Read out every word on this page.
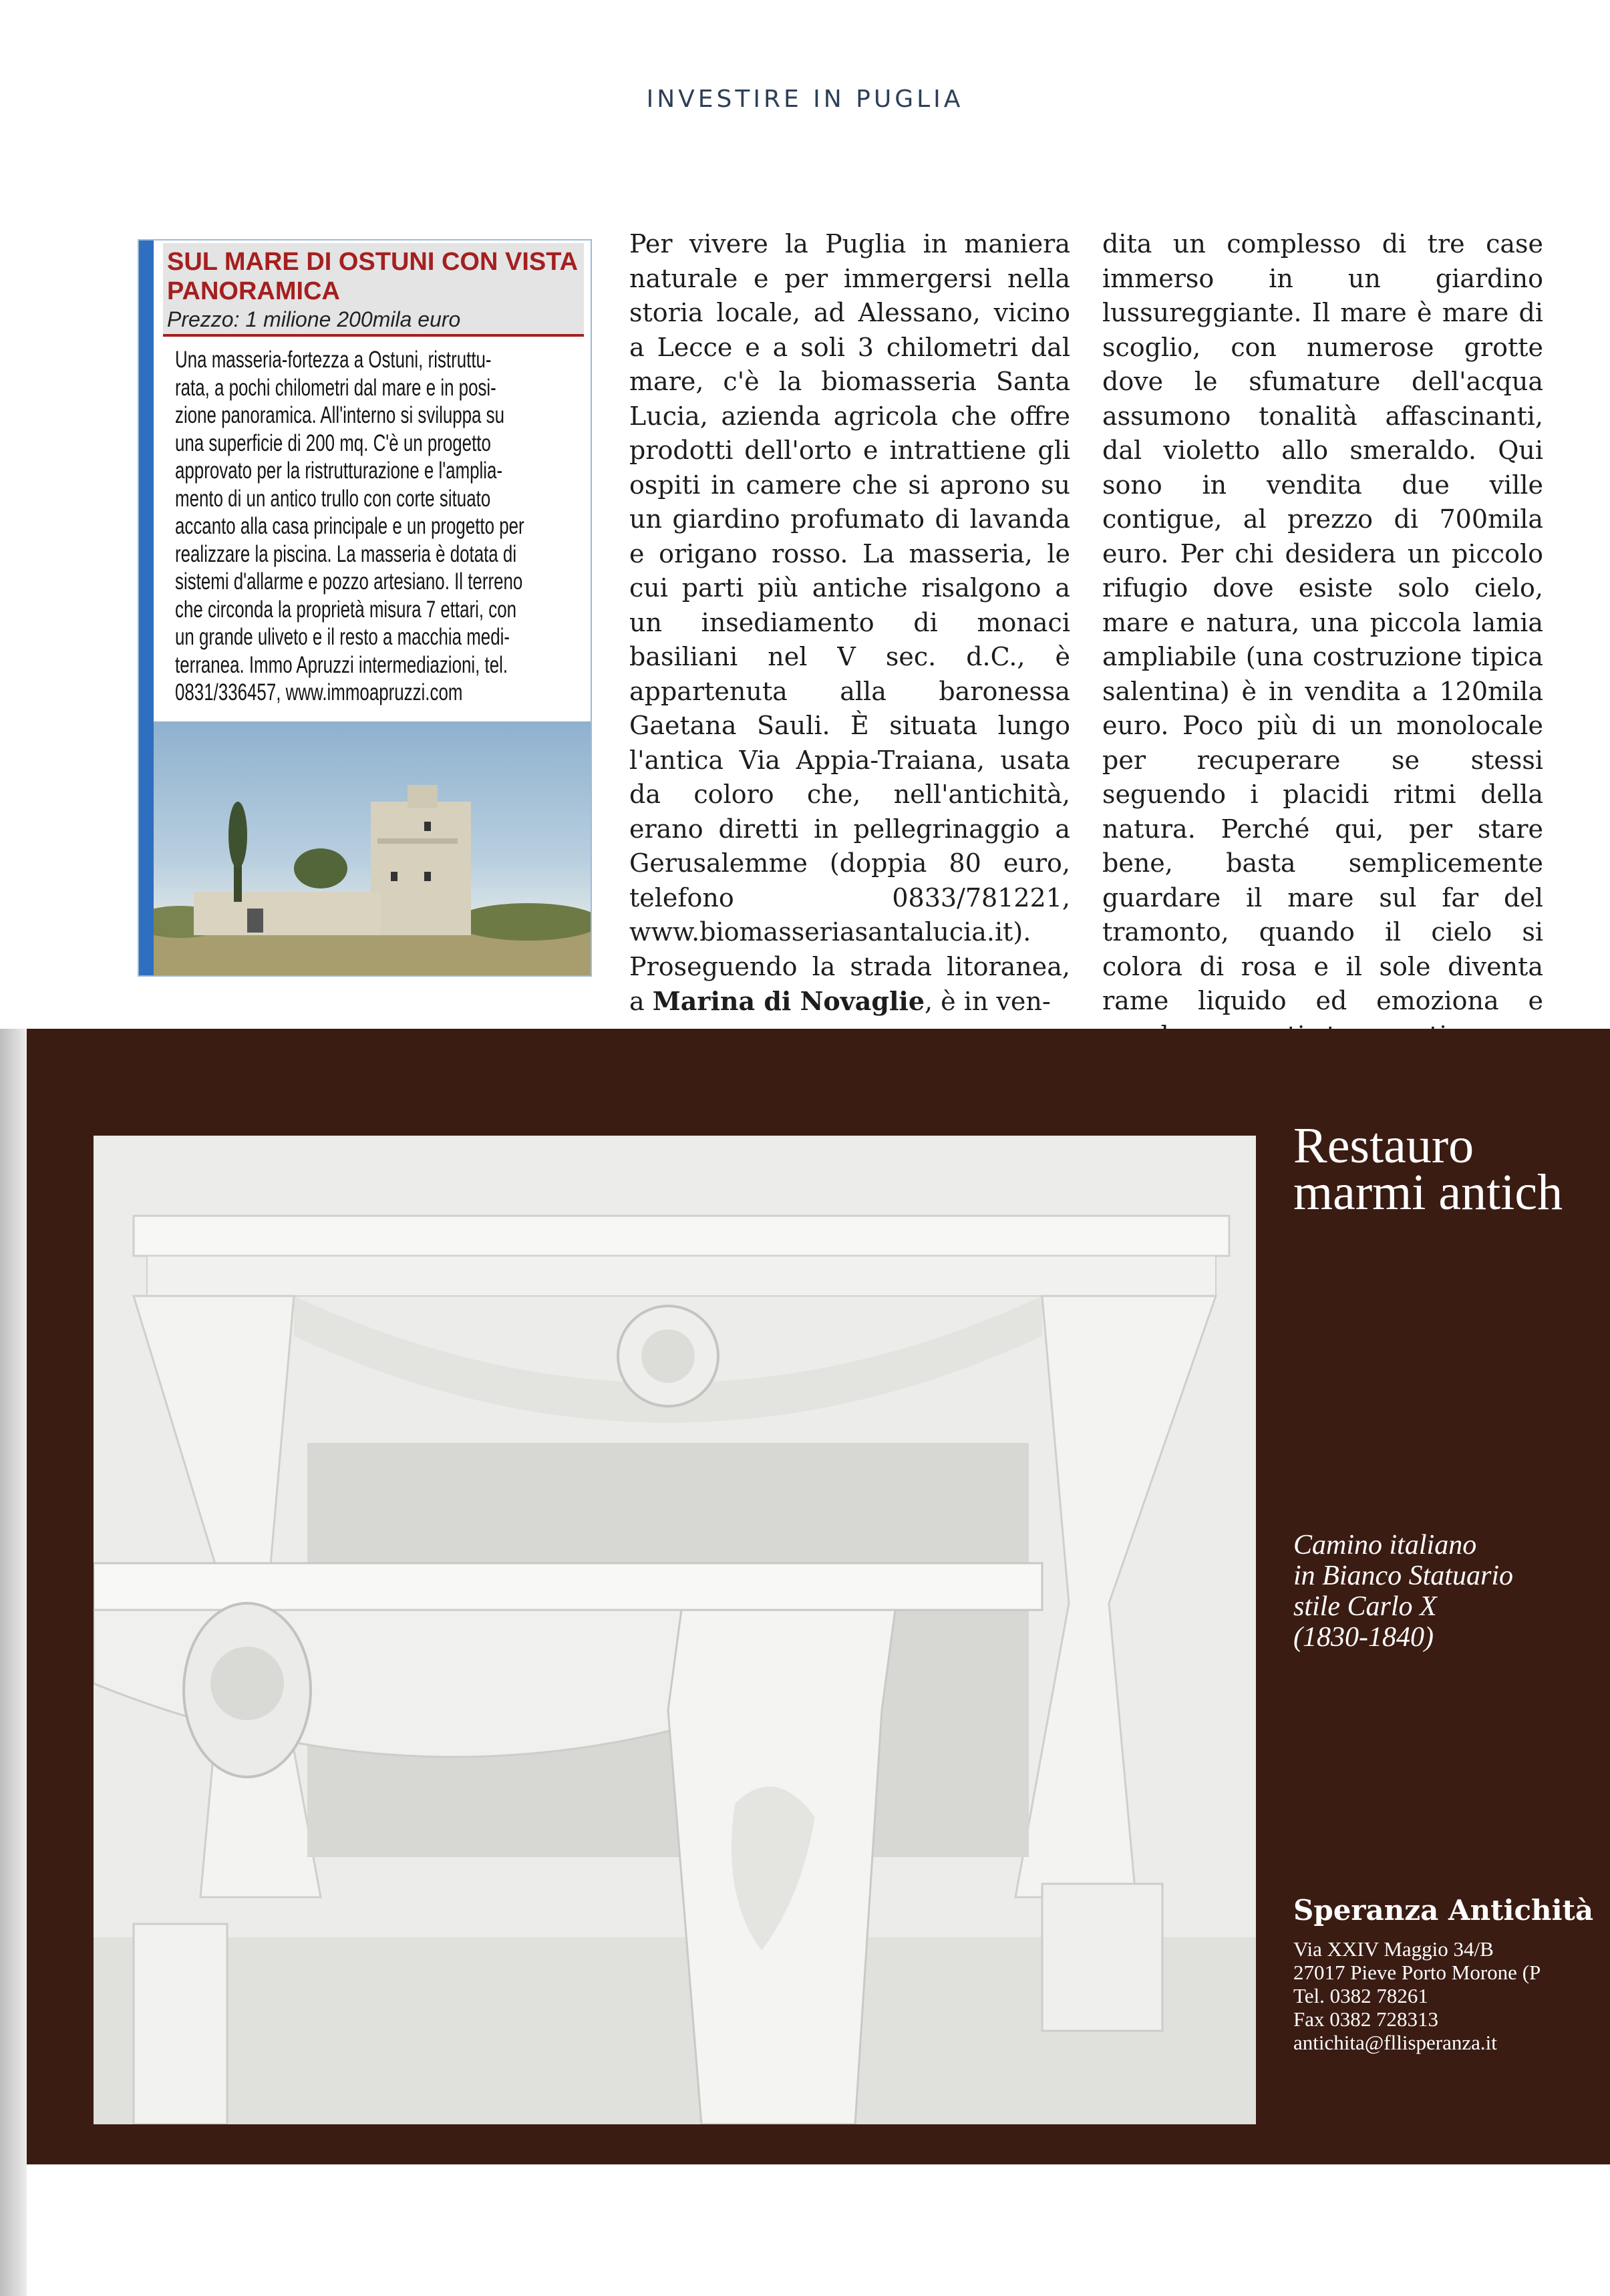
INVESTIRE IN PUGLIA
SUL MARE DI OSTUNI CON VISTA PANORAMICA
Prezzo: 1 milione 200mila euro
Una masseria-fortezza a Ostuni, ristruttu-
rata, a pochi chilometri dal mare e in posi-
zione panoramica. All'interno si sviluppa su
una superficie di 200 mq. C'è un progetto
approvato per la ristrutturazione e l'amplia-
mento di un antico trullo con corte situato
accanto alla casa principale e un progetto per
realizzare la piscina. La masseria è dotata di
sistemi d'allarme e pozzo artesiano. Il terreno
che circonda la proprietà misura 7 ettari, con
un grande uliveto e il resto a macchia medi-
terranea. Immo Apruzzi intermediazioni, tel.
0831/336457, www.immoapruzzi.com

Per vivere la Puglia in maniera naturale e per immergersi nella storia locale, ad Alessano, vicino a Lecce e a soli 3 chilometri dal mare, c'è la biomasseria Santa Lucia, azienda agricola che offre prodotti dell'orto e intrattiene gli ospiti in camere che si aprono su un giardino profumato di lavanda e origano rosso. La masseria, le cui parti più antiche risalgono a un insediamento di monaci basiliani nel V sec. d.C., è appartenuta alla baronessa Gaetana Sauli. È situata lungo l'antica Via Appia-Traiana, usata da coloro che, nell'antichità, erano diretti in pellegrinaggio a Gerusalemme (doppia 80 euro, telefono 0833/781221, www.biomasseriasantalucia.it).

Proseguendo la strada litoranea, a Marina di Novaglie, è in ven-

dita un complesso di tre case immerso in un giardino lussureggiante. Il mare è mare di scoglio, con numerose grotte dove le sfumature dell'acqua assumono tonalità affascinanti, dal violetto allo smeraldo. Qui sono in vendita due ville contigue, al prezzo di 700mila euro. Per chi desidera un piccolo rifugio dove esiste solo cielo, mare e natura, una piccola lamia ampliabile (una costruzione tipica salentina) è in vendita a 120mila euro. Poco più di un monolocale per recuperare se stessi seguendo i placidi ritmi della natura. Perché qui, per stare bene, basta semplicemente guardare il mare sul far del tramonto, quando il cielo si colora di rosa e il sole diventa rame liquido ed emoziona e

Restauro
marmi antich
Camino italiano
in Bianco Statuario
stile Carlo X
(1830-1840)
Speranza Antichità
Via XXIV Maggio 34/B
27017 Pieve Porto Morone (P
Tel. 0382 78261
Fax 0382 728313
antichita@fllisperanza.it
